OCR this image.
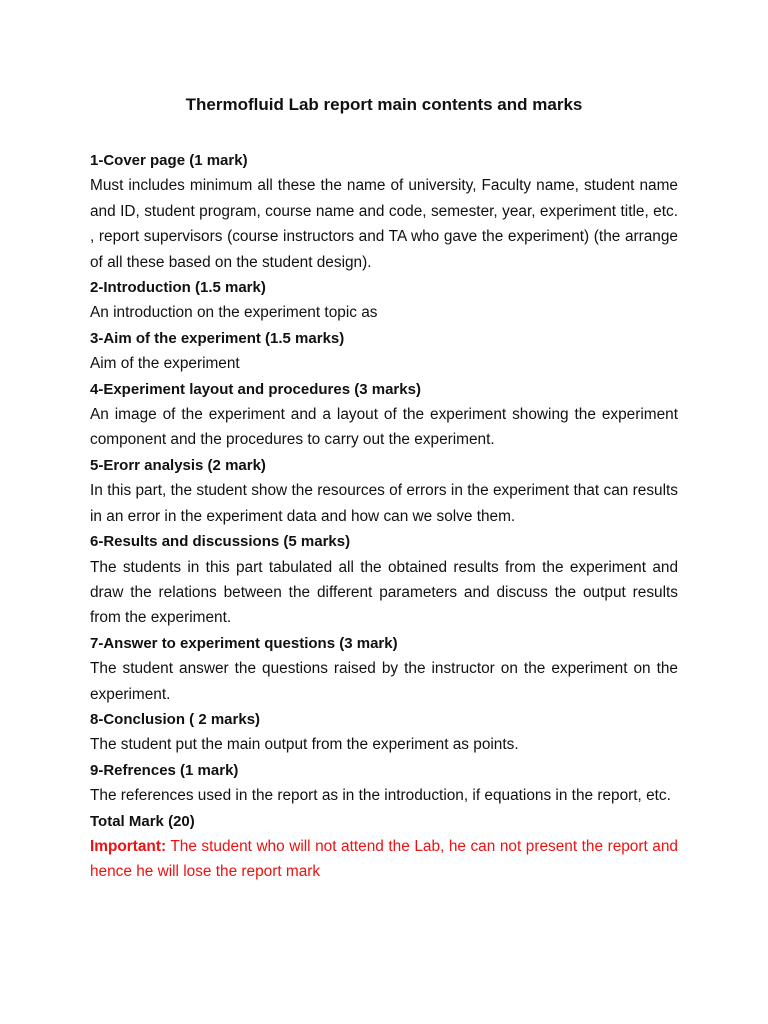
Thermofluid Lab report main contents and marks

1-Cover page (1 mark)

Must includes minimum all these the name of university, Faculty name, student name and ID, student program, course name and code, semester, year, experiment title, etc. , report supervisors (course instructors and TA who gave the experiment) (the arrange of all these based on the student design).

2-Introduction (1.5 mark)

An introduction on the experiment topic as

3-Aim of the experiment (1.5 marks)

Aim of the experiment

4-Experiment layout and procedures (3 marks)

An image of the experiment and a layout of the experiment showing the experiment component and the procedures to carry out the experiment.

5-Erorr analysis (2 mark)

In this part, the student show the resources of errors in the experiment that can results in an error in the experiment data and how can we solve them.

6-Results and discussions (5 marks)

The students in this part tabulated all the obtained results from the experiment and draw the relations between the different parameters and discuss the output results from the experiment.

7-Answer to experiment questions (3 mark)

The student answer the questions raised by the instructor on the experiment on the experiment.

8-Conclusion ( 2 marks)

The student put the main output from the experiment as points.

9-Refrences (1 mark)

The references used in the report as in the introduction, if equations in the report, etc.

Total Mark (20)

Important: The student who will not attend the Lab, he can not present the report and hence he will lose the report mark
